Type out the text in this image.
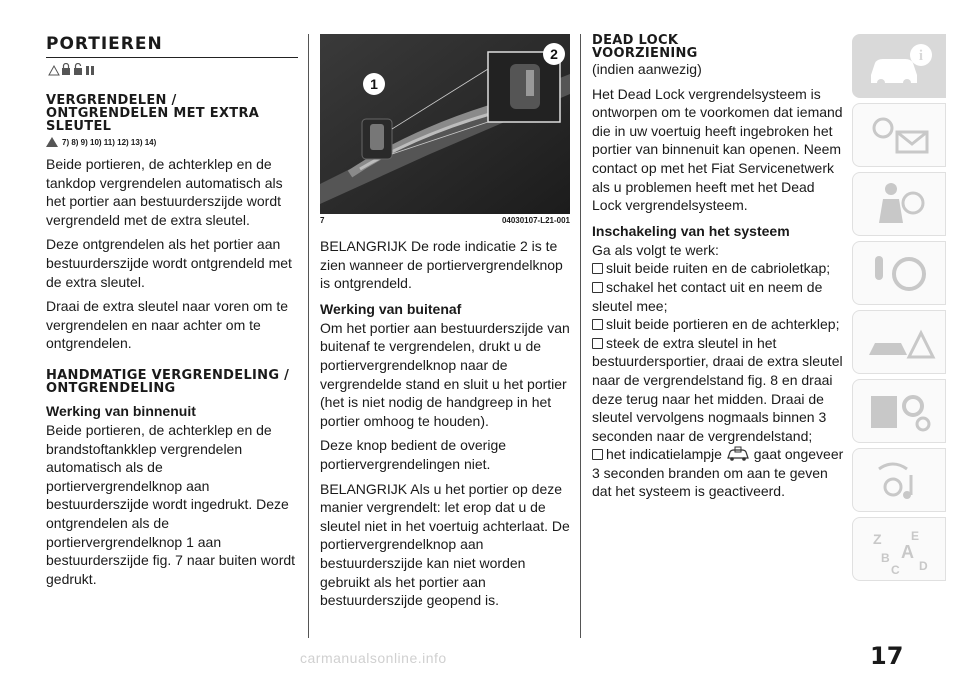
PORTIEREN
VERGRENDELEN / ONTGRENDELEN MET EXTRA SLEUTEL
7) 8) 9) 10) 11) 12) 13) 14)

Beide portieren, de achterklep en de tankdop vergrendelen automatisch als het portier aan bestuurderszijde wordt vergrendeld met de extra sleutel.

Deze ontgrendelen als het portier aan bestuurderszijde wordt ontgrendeld met de extra sleutel.

Draai de extra sleutel naar voren om te vergrendelen en naar achter om te ontgrendelen.

HANDMATIGE VERGRENDELING / ONTGRENDELING
Werking van binnenuit

Beide portieren, de achterklep en de brandstoftankklep vergrendelen automatisch als de portiervergrendelknop aan bestuurderszijde wordt ingedrukt. Deze ontgrendelen als de portiervergrendelknop 1 aan bestuurderszijde fig. 7 naar buiten wordt gedrukt.

1
2
7	04030107-L21-001

BELANGRIJK De rode indicatie 2 is te zien wanneer de portiervergrendelknop is ontgrendeld.

Werking van buitenaf

Om het portier aan bestuurderszijde van buitenaf te vergrendelen, drukt u de portiervergrendelknop naar de vergrendelde stand en sluit u het portier (het is niet nodig de handgreep in het portier omhoog te houden).

Deze knop bedient de overige portiervergrendelingen niet.

BELANGRIJK Als u het portier op deze manier vergrendelt: let erop dat u de sleutel niet in het voertuig achterlaat. De portiervergrendelknop aan bestuurderszijde kan niet worden gebruikt als het portier aan bestuurderszijde geopend is.

DEAD LOCK
VOORZIENING

(indien aanwezig)

Het Dead Lock vergrendelsysteem is ontworpen om te voorkomen dat iemand die in uw voertuig heeft ingebroken het portier van binnenuit kan openen. Neem contact op met het Fiat Servicenetwerk als u problemen heeft met het Dead Lock vergrendelsysteem.

Inschakeling van het systeem

Ga als volgt te werk:

sluit beide ruiten en de cabrioletkap;

schakel het contact uit en neem de sleutel mee;

sluit beide portieren en de achterklep;

steek de extra sleutel in het bestuurdersportier, draai de extra sleutel naar de vergrendelstand fig. 8 en draai deze terug naar het midden. Draai de sleutel vervolgens nogmaals binnen 3 seconden naar de vergrendelstand;

het indicatielampje gaat ongeveer 3 seconden branden om aan te geven dat het systeem is geactiveerd.

i
Z E
B A
C D
17
carmanualsonline.info
